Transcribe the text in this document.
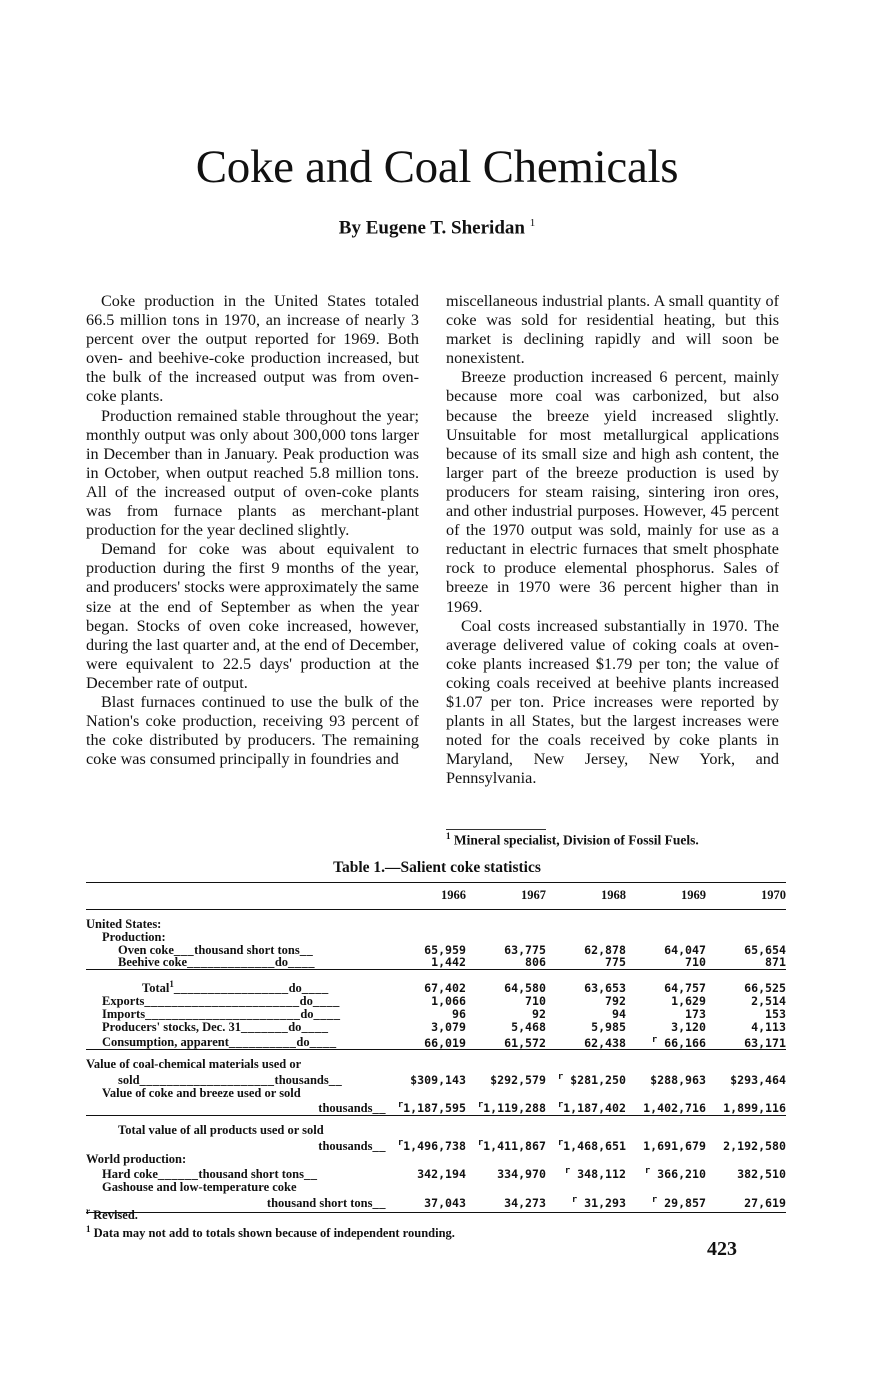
Coke and Coal Chemicals
By Eugene T. Sheridan $^1$

Coke production in the United States totaled 66.5 million tons in 1970, an increase of nearly 3 percent over the output reported for 1969. Both oven- and beehive-coke production increased, but the bulk of the increased output was from oven-coke plants.

Production remained stable throughout the year; monthly output was only about 300,000 tons larger in December than in January. Peak production was in October, when output reached 5.8 million tons. All of the increased output of oven-coke plants was from furnace plants as merchant-plant production for the year declined slightly.

Demand for coke was about equivalent to production during the first 9 months of the year, and producers' stocks were approximately the same size at the end of September as when the year began. Stocks of oven coke increased, however, during the last quarter and, at the end of December, were equivalent to 22.5 days' production at the December rate of output.

Blast furnaces continued to use the bulk of the Nation's coke production, receiving 93 percent of the coke distributed by producers. The remaining coke was consumed principally in foundries and

miscellaneous industrial plants. A small quantity of coke was sold for residential heating, but this market is declining rapidly and will soon be nonexistent.

Breeze production increased 6 percent, mainly because more coal was carbonized, but also because the breeze yield increased slightly. Unsuitable for most metallurgical applications because of its small size and high ash content, the larger part of the breeze production is used by producers for steam raising, sintering iron ores, and other industrial purposes. However, 45 percent of the 1970 output was sold, mainly for use as a reductant in electric furnaces that smelt phosphate rock to produce elemental phosphorus. Sales of breeze in 1970 were 36 percent higher than in 1969.

Coal costs increased substantially in 1970. The average delivered value of coking coals at oven-coke plants increased $1.79 per ton; the value of coking coals received at beehive plants increased $1.07 per ton. Price increases were reported by plants in all States, but the largest increases were noted for the coals received by coke plants in Maryland, New Jersey, New York, and Pennsylvania.

$^1$ Mineral specialist, Division of Fossil Fuels.
Table 1.—Salient coke statistics
	1966	1967	1968	1969	1970

United States:					
Production:					
Oven coke___thousand short tons__	65,959	63,775	62,878	64,047	65,654
Beehive coke_____________do____	1,442	806	775	710	871

Total$^1$_________________do____	67,402	64,580	63,653	64,757	66,525
Exports_______________________do____	1,066	710	792	1,629	2,514
Imports_______________________do____	96	92	94	173	153
Producers' stocks, Dec. 31_______do____	3,079	5,468	5,985	3,120	4,113
Consumption, apparent__________do____	66,019	61,572	62,438	$^r$ 66,166	63,171

Value of coal-chemical materials used or					
sold____________________thousands__	$309,143	$292,579	$^r$ $281,250	$288,963	$293,464
Value of coke and breeze used or sold					
thousands__	$^r$1,187,595	$^r$1,119,288	$^r$1,187,402	1,402,716	1,899,116

Total value of all products used or sold					
thousands__	$^r$1,496,738	$^r$1,411,867	$^r$1,468,651	1,691,679	2,192,580
World production:					
Hard coke______thousand short tons__	342,194	334,970	$^r$ 348,112	$^r$ 366,210	382,510
Gashouse and low-temperature coke					
thousand short tons__	37,043	34,273	$^r$ 31,293	$^r$ 29,857	27,619
$^r$ Revised.
$^1$ Data may not add to totals shown because of independent rounding.
423
